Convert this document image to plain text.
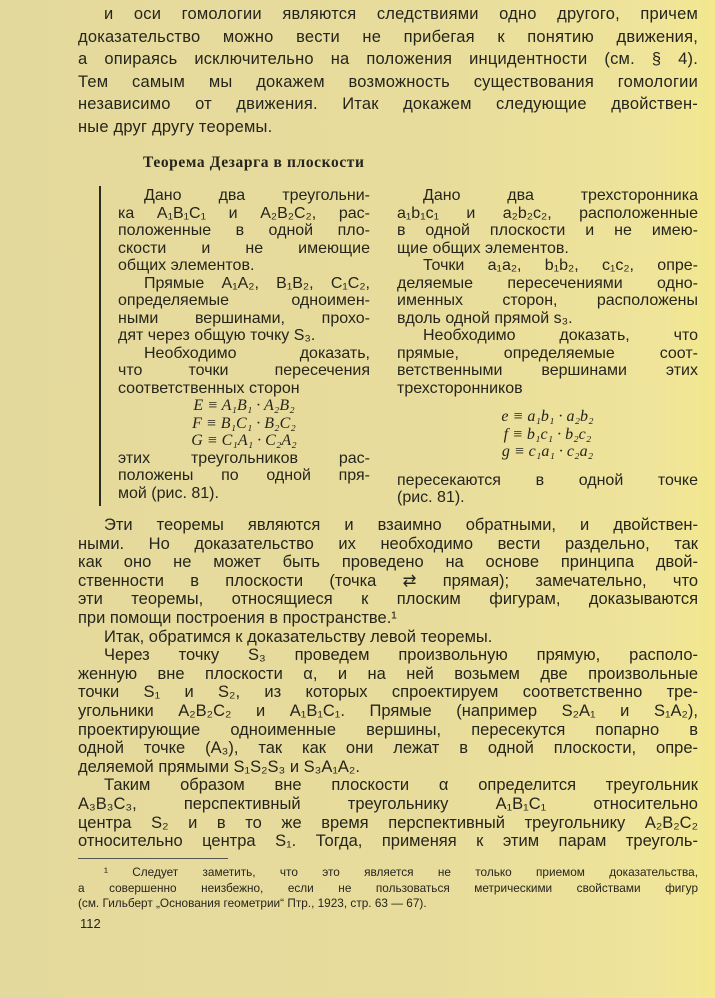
и оси гомологии являются следствиями одно другого, причем
доказательство можно вести не прибегая к понятию движения,
а опираясь исключительно на положения инцидентности (см. § 4).
Тем самым мы докажем возможность существования гомологии
независимо от движения. Итак докажем следующие двойствен-
ные друг другу теоремы.
Теорема Дезарга в плоскости
Дано два треугольни-
ка A₁B₁C₁ и A₂B₂C₂, рас-
положенные в одной пло-
скости и не имеющие
общих элементов.
Прямые A₁A₂, B₁B₂, C₁C₂,
определяемые одноимен-
ными вершинами, прохо-
дят через общую точку S₃.
Необходимо доказать,
что точки пересечения
соответственных сторон
E ≡ A₁B₁ · A₂B₂
F ≡ B₁C₁ · B₂C₂
G ≡ C₁A₁ · C₂A₂
этих треугольников рас-
положены по одной пря-
мой (рис. 81).
Дано два трехсторонника
a₁b₁c₁ и a₂b₂c₂, расположенные
в одной плоскости и не имею-
щие общих элементов.
Точки a₁a₂, b₁b₂, c₁c₂, опре-
деляемые пересечениями одно-
именных сторон, расположены
вдоль одной прямой s₃.
Необходимо доказать, что
прямые, определяемые соот-
ветственными вершинами этих
трехсторонников
e ≡ a₁b₁ · a₂b₂
f ≡ b₁c₁ · b₂c₂
g ≡ c₁a₁ · c₂a₂
пересекаются в одной точке
(рис. 81).
Эти теоремы являются и взаимно обратными, и двойствен-
ными. Но доказательство их необходимо вести раздельно, так
как оно не может быть проведено на основе принципа двой-
ственности в плоскости (точка ⇄ прямая); замечательно, что
эти теоремы, относящиеся к плоским фигурам, доказываются
при помощи построения в пространстве.¹
Итак, обратимся к доказательству левой теоремы.
Через точку S₃ проведем произвольную прямую, располо-
женную вне плоскости α, и на ней возьмем две произвольные
точки S₁ и S₂, из которых спроектируем соответственно тре-
угольники A₂B₂C₂ и A₁B₁C₁. Прямые (например S₂A₁ и S₁A₂),
проектирующие одноименные вершины, пересекутся попарно в
одной точке (A₃), так как они лежат в одной плоскости, опре-
деляемой прямыми S₁S₂S₃ и S₃A₁A₂.
Таким образом вне плоскости α определится треугольник
A₃B₃C₃, перспективный треугольнику A₁B₁C₁ относительно
центра S₂ и в то же время перспективный треугольнику A₂B₂C₂
относительно центра S₁. Тогда, применяя к этим парам треуголь-
¹ Следует заметить, что это является не только приемом доказательства,
а совершенно неизбежно, если не пользоваться метрическими свойствами фигур
(см. Гильберт „Основания геометрии“ Птр., 1923, стр. 63 — 67).
112
